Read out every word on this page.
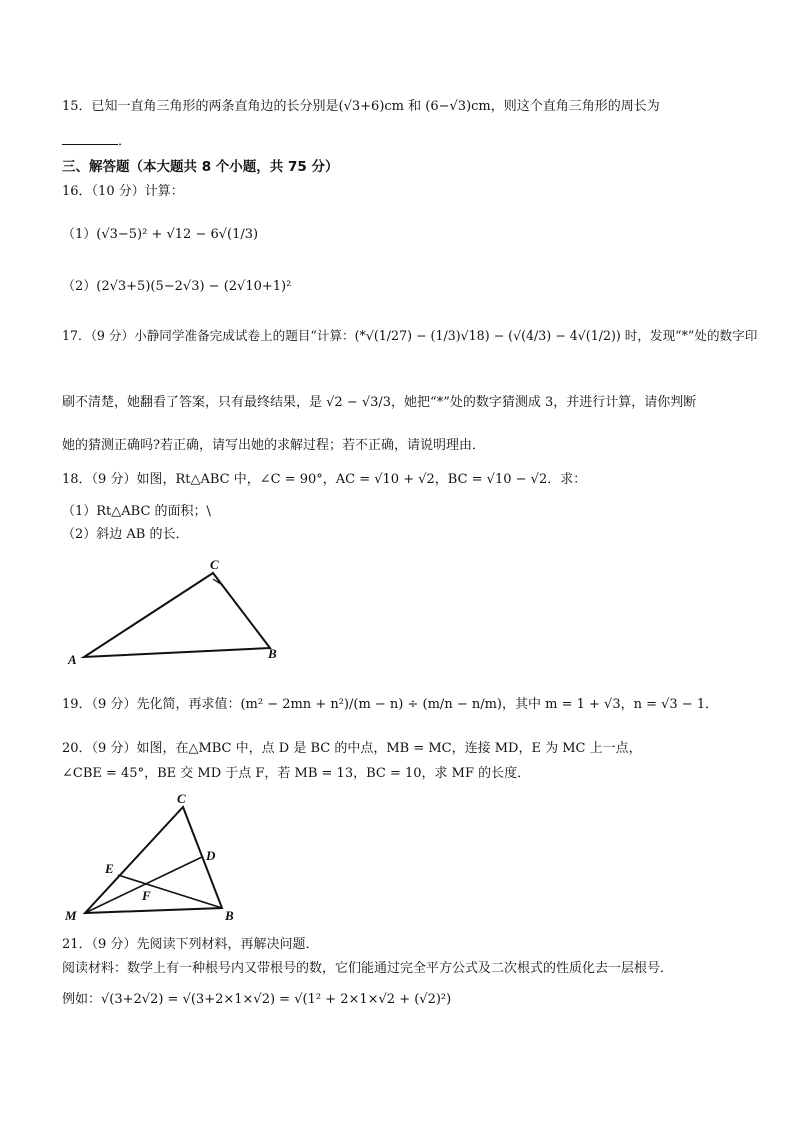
15．已知一直角三角形的两条直角边的长分别是(√3+6)cm 和 (6−√3)cm，则这个直角三角形的周长为
．
三、解答题（本大题共 8 个小题，共 75 分）
16．（10 分）计算：
（1）(√3−5)² + √12 − 6√(1/3)
（2）(2√3+5)(5−2√3) − (2√10+1)²
17．（9 分）小静同学准备完成试卷上的题目“计算：(*√(1/27) − (1/3)√18) − (√(4/3) − 4√(1/2)) 时，发现“*”处的数字印
刷不清楚，她翻看了答案，只有最终结果，是 √2 − √3/3，她把“*”处的数字猜测成 3，并进行计算，请你判断
她的猜测正确吗?若正确，请写出她的求解过程；若不正确，请说明理由．
18．（9 分）如图，Rt△ABC 中，∠C = 90°，AC = √10 + √2，BC = √10 − √2．求：
（1）Rt△ABC 的面积；\
（2）斜边 AB 的长．
A	B
C
19．（9 分）先化简，再求值：(m² − 2mn + n²)/(m − n) ÷ (m/n − n/m)，其中 m = 1 + √3，n = √3 − 1．
20．（9 分）如图，在△MBC 中，点 D 是 BC 的中点，MB = MC，连接 MD，E 为 MC 上一点，
∠CBE = 45°，BE 交 MD 于点 F，若 MB = 13，BC = 10，求 MF 的长度．
C
D
E
F
M	B
21．（9 分）先阅读下列材料，再解决问题．
阅读材料：数学上有一种根号内又带根号的数，它们能通过完全平方公式及二次根式的性质化去一层根号．
例如：√(3+2√2) = √(3+2×1×√2) = √(1² + 2×1×√2 + (√2)²)
